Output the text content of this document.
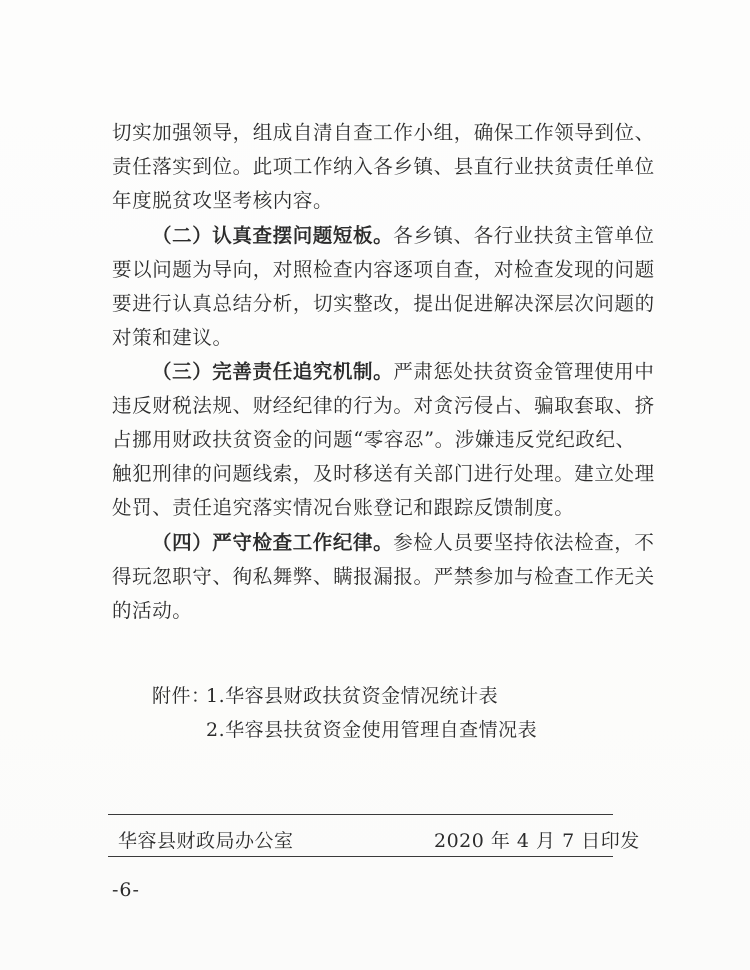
切实加强领导，组成自清自查工作小组，确保工作领导到位、
责任落实到位。此项工作纳入各乡镇、县直行业扶贫责任单位
年度脱贫攻坚考核内容。
（二）认真查摆问题短板。各乡镇、各行业扶贫主管单位
要以问题为导向，对照检查内容逐项自查，对检查发现的问题
要进行认真总结分析，切实整改，提出促进解决深层次问题的
对策和建议。
（三）完善责任追究机制。严肃惩处扶贫资金管理使用中
违反财税法规、财经纪律的行为。对贪污侵占、骗取套取、挤
占挪用财政扶贫资金的问题“零容忍”。涉嫌违反党纪政纪、
触犯刑律的问题线索，及时移送有关部门进行处理。建立处理
处罚、责任追究落实情况台账登记和跟踪反馈制度。
（四）严守检查工作纪律。参检人员要坚持依法检查，不
得玩忽职守、徇私舞弊、瞒报漏报。严禁参加与检查工作无关
的活动。
附件：
1.华容县财政扶贫资金情况统计表
2.华容县扶贫资金使用管理自查情况表
华容县财政局办公室	2020 年 4 月 7 日印发
-6-
